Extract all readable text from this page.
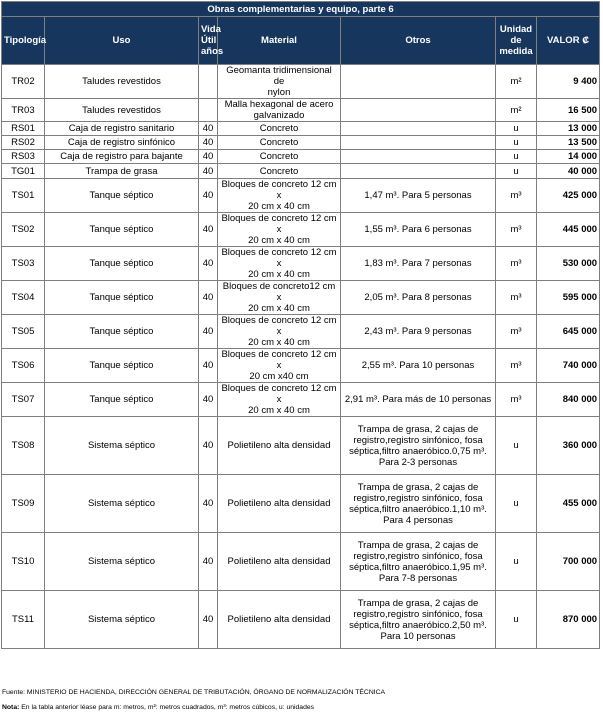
Obras complementarias y equipo, parte 6						
Tipología	Uso	Vida
Útil
años	Material	Otros	Unidad
de
medida	VALOR ₡
TR02	Taludes revestidos		Geomanta tridimensional de
nylon		m²	9 400
TR03	Taludes revestidos		Malla hexagonal de acero
galvanizado		m²	16 500
RS01	Caja de registro sanitario	40	Concreto		u	13 000
RS02	Caja de registro sinfónico	40	Concreto		u	13 500
RS03	Caja de registro para bajante	40	Concreto		u	14 000
TG01	Trampa de grasa	40	Concreto		u	40 000
TS01	Tanque séptico	40	Bloques de concreto 12 cm x
20 cm x 40 cm	1,47 m³. Para 5 personas	m³	425 000
TS02	Tanque séptico	40	Bloques de concreto 12 cm x
20 cm x 40 cm	1,55 m³. Para 6 personas	m³	445 000
TS03	Tanque séptico	40	Bloques de concreto 12 cm x
20 cm x 40 cm	1,83 m³. Para 7 personas	m³	530 000
TS04	Tanque séptico	40	Bloques de concreto12 cm x
20 cm x 40 cm	2,05 m³. Para 8 personas	m³	595 000
TS05	Tanque séptico	40	Bloques de concreto 12 cm x
20 cm x 40 cm	2,43 m³. Para 9 personas	m³	645 000
TS06	Tanque séptico	40	Bloques de concreto 12 cm x
20 cm x40 cm	2,55 m³. Para 10 personas	m³	740 000
TS07	Tanque séptico	40	Bloques de concreto 12 cm x
20 cm x 40 cm	2,91 m³. Para más de 10 personas	m³	840 000
TS08	Sistema séptico	40	Polietileno alta densidad	Trampa de grasa, 2 cajas de
registro,registro sinfónico, fosa
séptica,filtro anaeróbico.0,75 m³.
Para 2-3 personas	u	360 000
TS09	Sistema séptico	40	Polietileno alta densidad	Trampa de grasa, 2 cajas de
registro,registro sinfónico, fosa
séptica,filtro anaeróbico.1,10 m³.
Para 4 personas	u	455 000
TS10	Sistema séptico	40	Polietileno alta densidad	Trampa de grasa, 2 cajas de
registro,registro sinfónico, fosa
séptica,filtro anaeróbico.1,95 m³.
Para 7-8 personas	u	700 000
TS11	Sistema séptico	40	Polietileno alta densidad	Trampa de grasa, 2 cajas de
registro,registro sinfónico, fosa
séptica,filtro anaeróbico.2,50 m³.
Para 10 personas	u	870 000
Fuente: MINISTERIO DE HACIENDA, DIRECCIÓN GENERAL DE TRIBUTACIÓN, ÓRGANO DE NORMALIZACIÓN TÉCNICA
Nota: En la tabla anterior léase para m: metros, m²: metros cuadrados, m³: metros cúbicos, u: unidades
